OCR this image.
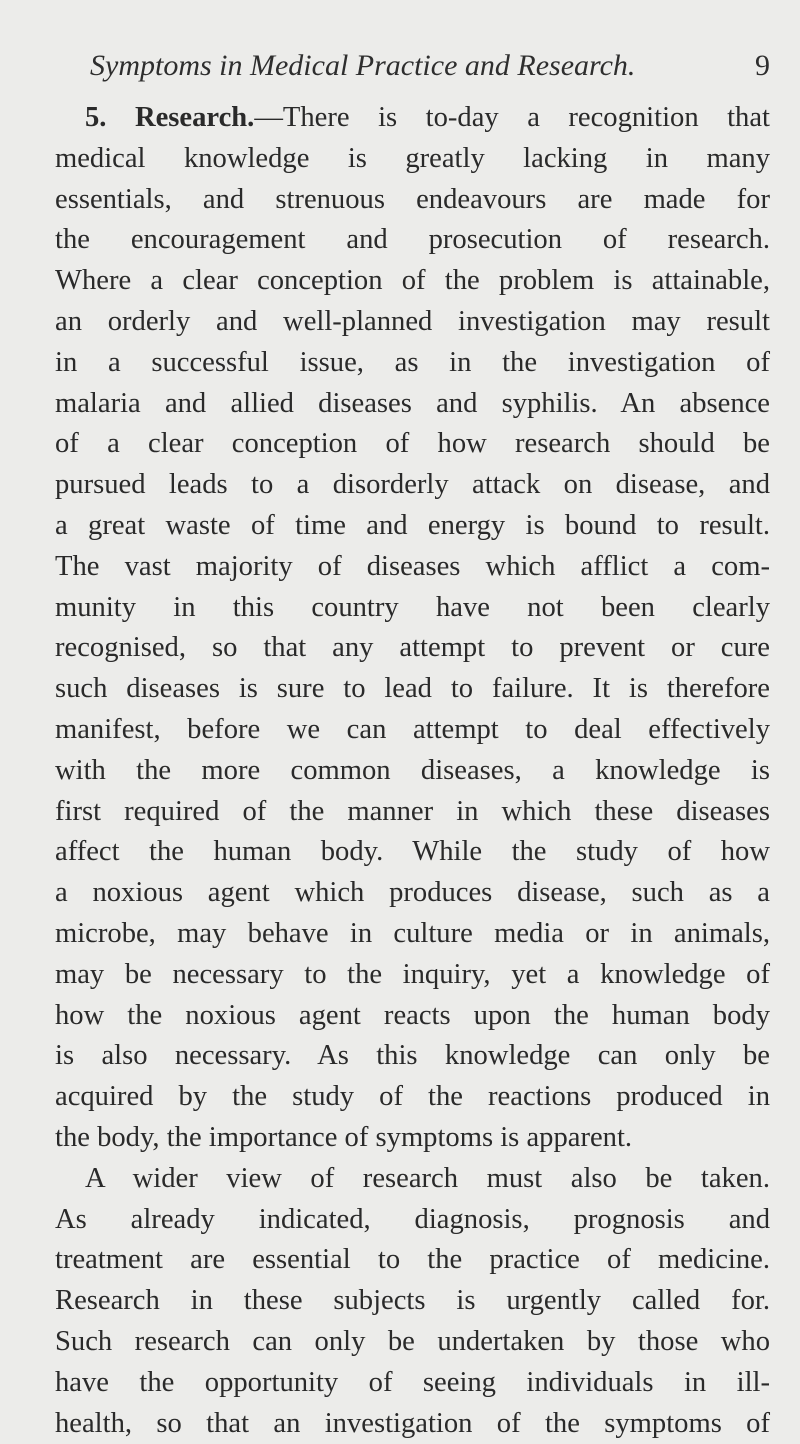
Symptoms in Medical Practice and Research.	9
5. Research.—There is to-day a recognition that
medical knowledge is greatly lacking in many
essentials, and strenuous endeavours are made for
the encouragement and prosecution of research.
Where a clear conception of the problem is attainable,
an orderly and well-planned investigation may result
in a successful issue, as in the investigation of
malaria and allied diseases and syphilis. An absence
of a clear conception of how research should be
pursued leads to a disorderly attack on disease, and
a great waste of time and energy is bound to result.
The vast majority of diseases which afflict a com-
munity in this country have not been clearly
recognised, so that any attempt to prevent or cure
such diseases is sure to lead to failure. It is therefore
manifest, before we can attempt to deal effectively
with the more common diseases, a knowledge is
first required of the manner in which these diseases
affect the human body. While the study of how
a noxious agent which produces disease, such as a
microbe, may behave in culture media or in animals,
may be necessary to the inquiry, yet a knowledge of
how the noxious agent reacts upon the human body
is also necessary. As this knowledge can only be
acquired by the study of the reactions produced in
the body, the importance of symptoms is apparent.
A wider view of research must also be taken.
As already indicated, diagnosis, prognosis and
treatment are essential to the practice of medicine.
Research in these subjects is urgently called for.
Such research can only be undertaken by those who
have the opportunity of seeing individuals in ill-
health, so that an investigation of the symptoms of
